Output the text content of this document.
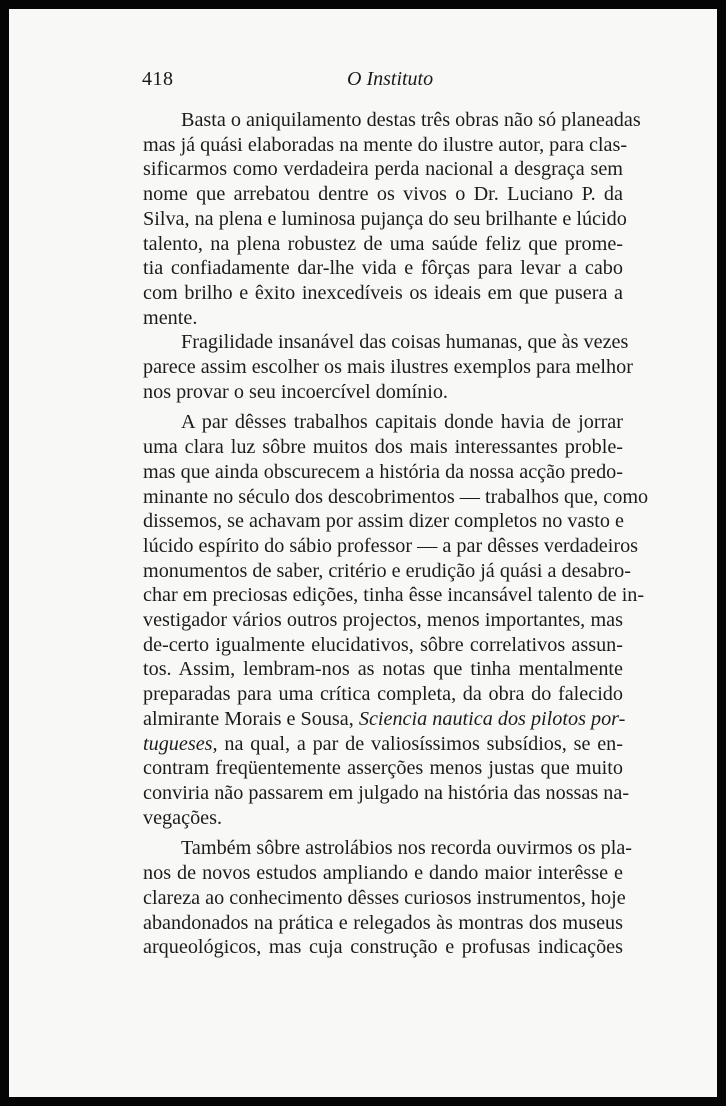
418	O Instituto
Basta o aniquilamento destas três obras não só planeadas
mas já quási elaboradas na mente do ilustre autor, para clas-
sificarmos como verdadeira perda nacional a desgraça sem
nome que arrebatou dentre os vivos o Dr. Luciano P. da
Silva, na plena e luminosa pujança do seu brilhante e lúcido
talento, na plena robustez de uma saúde feliz que prome-
tia confiadamente dar-lhe vida e fôrças para levar a cabo
com brilho e êxito inexcedíveis os ideais em que pusera a
mente.
Fragilidade insanável das coisas humanas, que às vezes
parece assim escolher os mais ilustres exemplos para melhor
nos provar o seu incoercível domínio.
A par dêsses trabalhos capitais donde havia de jorrar
uma clara luz sôbre muitos dos mais interessantes proble-
mas que ainda obscurecem a história da nossa acção predo-
minante no século dos descobrimentos — trabalhos que, como
dissemos, se achavam por assim dizer completos no vasto e
lúcido espírito do sábio professor — a par dêsses verdadeiros
monumentos de saber, critério e erudição já quási a desabro-
char em preciosas edições, tinha êsse incansável talento de in-
vestigador vários outros projectos, menos importantes, mas
de-certo igualmente elucidativos, sôbre correlativos assun-
tos. Assim, lembram-nos as notas que tinha mentalmente
preparadas para uma crítica completa, da obra do falecido
almirante Morais e Sousa, Sciencia nautica dos pilotos por-
tugueses, na qual, a par de valiosíssimos subsídios, se en-
contram freqüentemente asserções menos justas que muito
conviria não passarem em julgado na história das nossas na-
vegações.
Também sôbre astrolábios nos recorda ouvirmos os pla-
nos de novos estudos ampliando e dando maior interêsse e
clareza ao conhecimento dêsses curiosos instrumentos, hoje
abandonados na prática e relegados às montras dos museus
arqueológicos, mas cuja construção e profusas indicações
